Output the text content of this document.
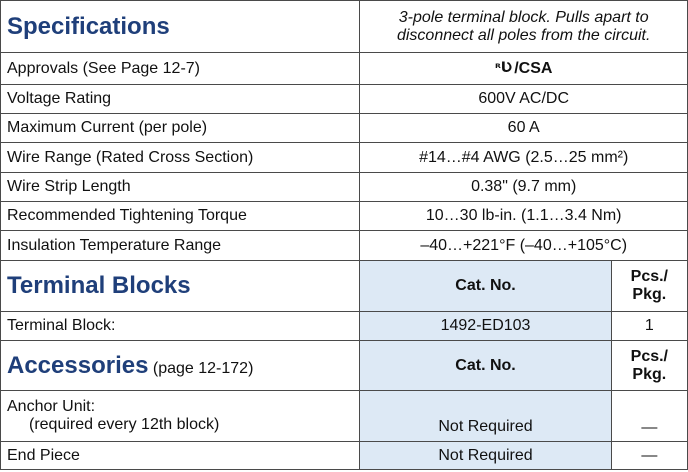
Specifications	3-pole terminal block. Pulls apart to disconnect all poles from the circuit.	
Approvals (See Page 12-7)	ᴿƲ /CSA	
Voltage Rating	600V AC/DC	
Maximum Current (per pole)	60 A	
Wire Range (Rated Cross Section)	#14…#4 AWG (2.5…25 mm²)	
Wire Strip Length	0.38" (9.7 mm)	
Recommended Tightening Torque	10…30 lb-in. (1.1…3.4 Nm)	
Insulation Temperature Range	–40…+221°F (–40…+105°C)	
Terminal Blocks	Cat. No.	Pcs./
Pkg.
Terminal Block:	1492-ED103	1
Accessories (page 12-172)	Cat. No.	Pcs./
Pkg.
Anchor Unit:

(required every 12th block)	Not Required	—
End Piece	Not Required	—
